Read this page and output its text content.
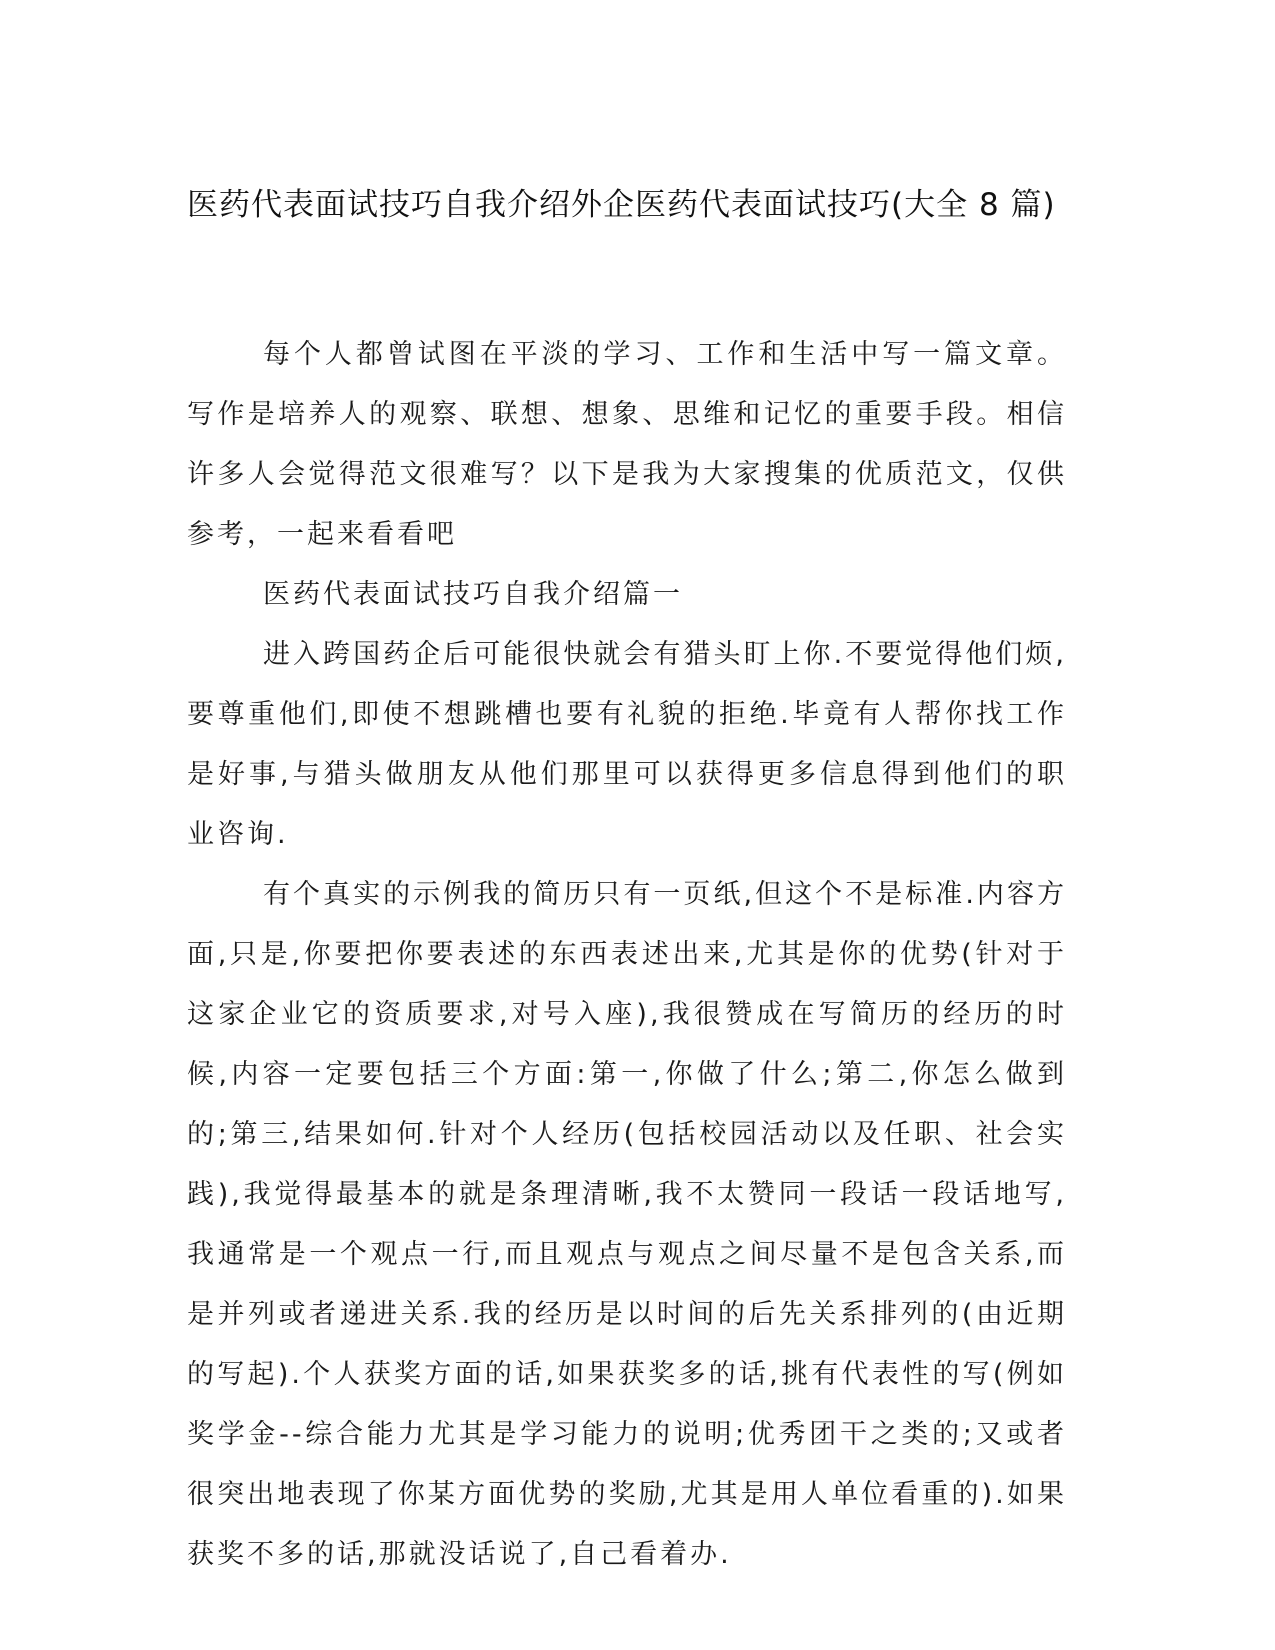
医药代表面试技巧自我介绍外企医药代表面试技巧(大全 8 篇)

每个人都曾试图在平淡的学习、工作和生活中写一篇文章。写作是培养人的观察、联想、想象、思维和记忆的重要手段。相信许多人会觉得范文很难写？以下是我为大家搜集的优质范文，仅供参考，一起来看看吧

医药代表面试技巧自我介绍篇一

进入跨国药企后可能很快就会有猎头盯上你.不要觉得他们烦,要尊重他们,即使不想跳槽也要有礼貌的拒绝.毕竟有人帮你找工作是好事,与猎头做朋友从他们那里可以获得更多信息得到他们的职业咨询.

有个真实的示例我的简历只有一页纸,但这个不是标准.内容方面,只是,你要把你要表述的东西表述出来,尤其是你的优势(针对于这家企业它的资质要求,对号入座),我很赞成在写简历的经历的时候,内容一定要包括三个方面:第一,你做了什么;第二,你怎么做到的;第三,结果如何.针对个人经历(包括校园活动以及任职、社会实践),我觉得最基本的就是条理清晰,我不太赞同一段话一段话地写,我通常是一个观点一行,而且观点与观点之间尽量不是包含关系,而是并列或者递进关系.我的经历是以时间的后先关系排列的(由近期的写起).个人获奖方面的话,如果获奖多的话,挑有代表性的写(例如奖学金--综合能力尤其是学习能力的说明;优秀团干之类的;又或者很突出地表现了你某方面优势的奖励,尤其是用人单位看重的).如果获奖不多的话,那就没话说了,自己看着办.
